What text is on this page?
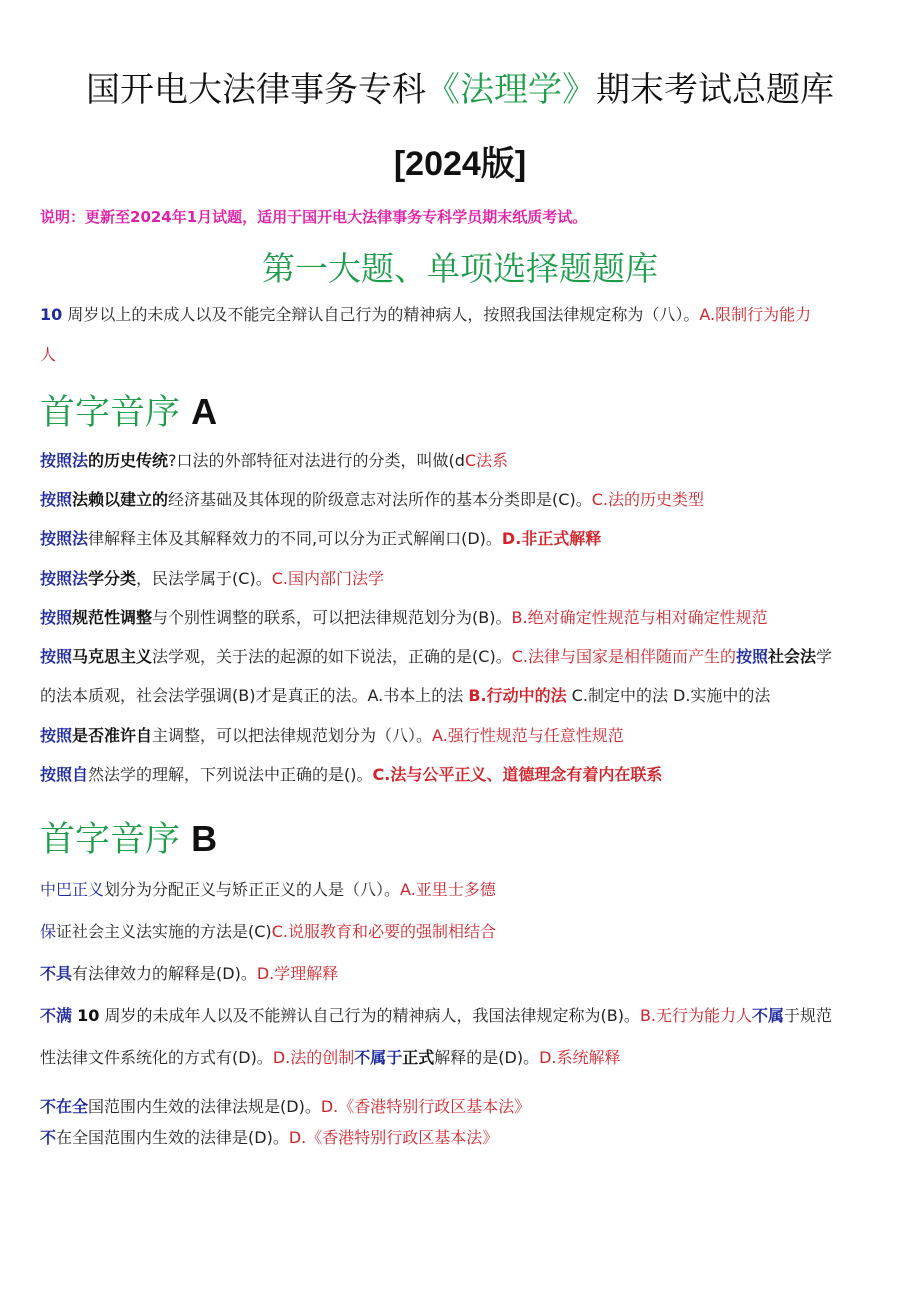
国开电大法律事务专科《法理学》期末考试总题库
[2024版]
说明：更新至2024年1月试题，适用于国开电大法律事务专科学员期末纸质考试。
第一大题、单项选择题题库
10 周岁以上的未成人以及不能完全辩认自己行为的精神病人，按照我国法律规定称为（八）。A.限制行为能力
人
首字音序 A
按照法的历史传统?口法的外部特征对法进行的分类，叫做(dC法系
按照法赖以建立的经济基础及其体现的阶级意志对法所作的基本分类即是(C)。C.法的历史类型
按照法律解释主体及其解释效力的不同,可以分为正式解阐口(D)。D.非正式解释
按照法学分类，民法学属于(C)。C.国内部门法学
按照规范性调整与个别性调整的联系，可以把法律规范划分为(B)。B.绝对确定性规范与相对确定性规范
按照马克思主义法学观，关于法的起源的如下说法，正确的是(C)。C.法律与国家是相伴随而产生的按照社会法学
的法本质观，社会法学强调(B)才是真正的法。A.书本上的法 B.行动中的法 C.制定中的法 D.实施中的法
按照是否准许自主调整，可以把法律规范划分为（八）。A.强行性规范与任意性规范
按照自然法学的理解，下列说法中正确的是()。C.法与公平正义、道德理念有着内在联系
首字音序 B
中巴正义划分为分配正义与矫正正义的人是（八）。A.亚里士多德
保证社会主义法实施的方法是(C)C.说服教育和必要的强制相结合
不具有法律效力的解释是(D)。D.学理解释
不满 10 周岁的未成年人以及不能辨认自己行为的精神病人，我国法律规定称为(B)。B.无行为能力人不属于规范
性法律文件系统化的方式有(D)。D.法的创制不属于正式解释的是(D)。D.系统解释
不在全国范围内生效的法律法规是(D)。D.《香港特别行政区基本法》
不在全国范围内生效的法律是(D)。D.《香港特别行政区基本法》
